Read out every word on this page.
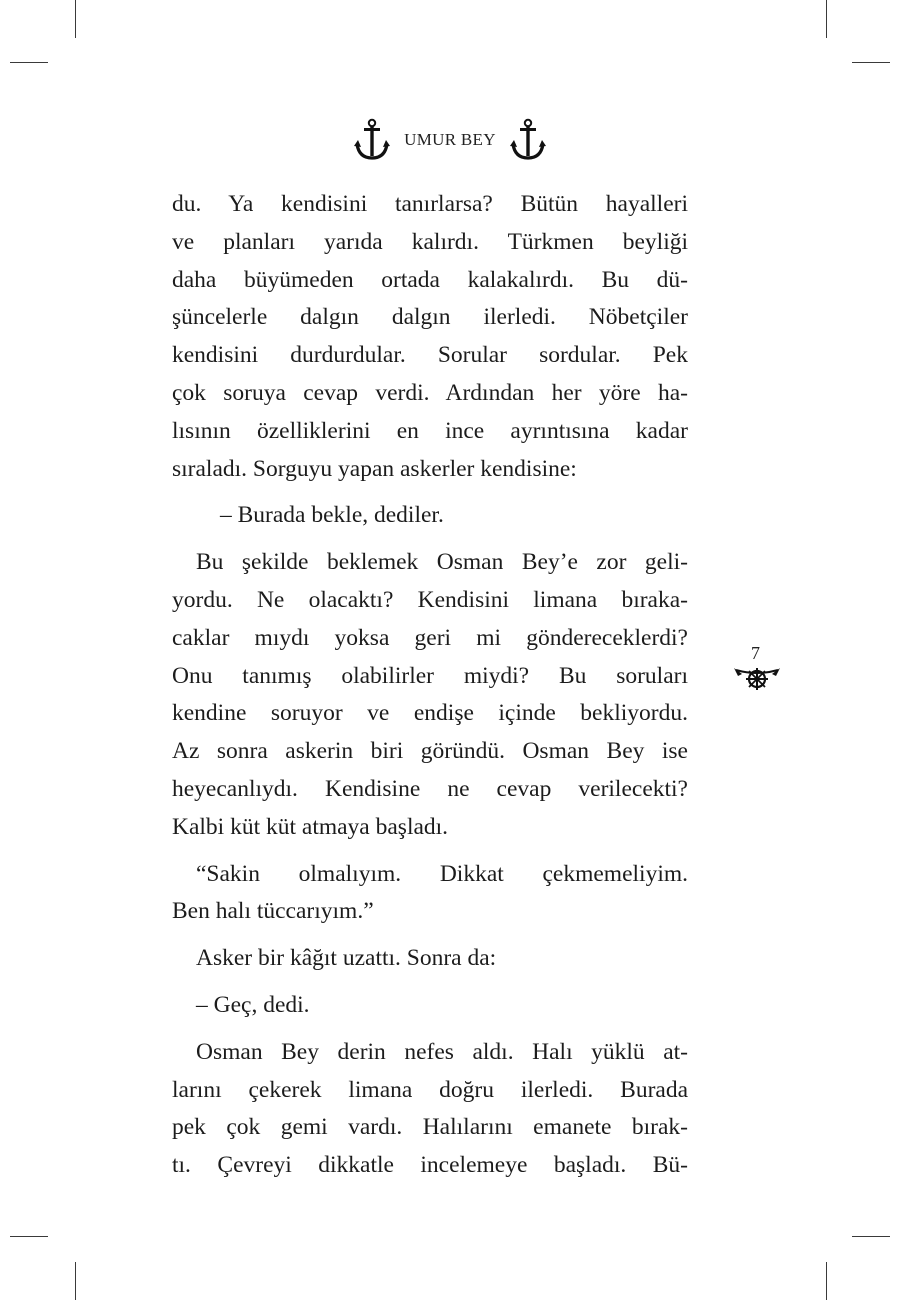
UMUR BEY

du. Ya kendisini tanırlarsa? Bütün hayalleri
ve planları yarıda kalırdı. Türkmen beyliği
daha büyümeden ortada kalakalırdı. Bu dü-
şüncelerle dalgın dalgın ilerledi. Nöbetçiler
kendisini durdurdular. Sorular sordular. Pek
çok soruya cevap verdi. Ardından her yöre ha-
lısının özelliklerini en ince ayrıntısına kadar
sıraladı. Sorguyu yapan askerler kendisine:

– Burada bekle, dediler.

Bu şekilde beklemek Osman Bey’e zor geli-
yordu. Ne olacaktı? Kendisini limana bıraka-
caklar mıydı yoksa geri mi göndereceklerdi?
Onu tanımış olabilirler miydi? Bu soruları
kendine soruyor ve endişe içinde bekliyordu.
Az sonra askerin biri göründü. Osman Bey ise
heyecanlıydı. Kendisine ne cevap verilecekti?
Kalbi küt küt atmaya başladı.

“Sakin olmalıyım. Dikkat çekmemeliyim.
Ben halı tüccarıyım.”

Asker bir kâğıt uzattı. Sonra da:

– Geç, dedi.

Osman Bey derin nefes aldı. Halı yüklü at-
larını çekerek limana doğru ilerledi. Burada
pek çok gemi vardı. Halılarını emanete bırak-
tı. Çevreyi dikkatle incelemeye başladı. Bü-

7
